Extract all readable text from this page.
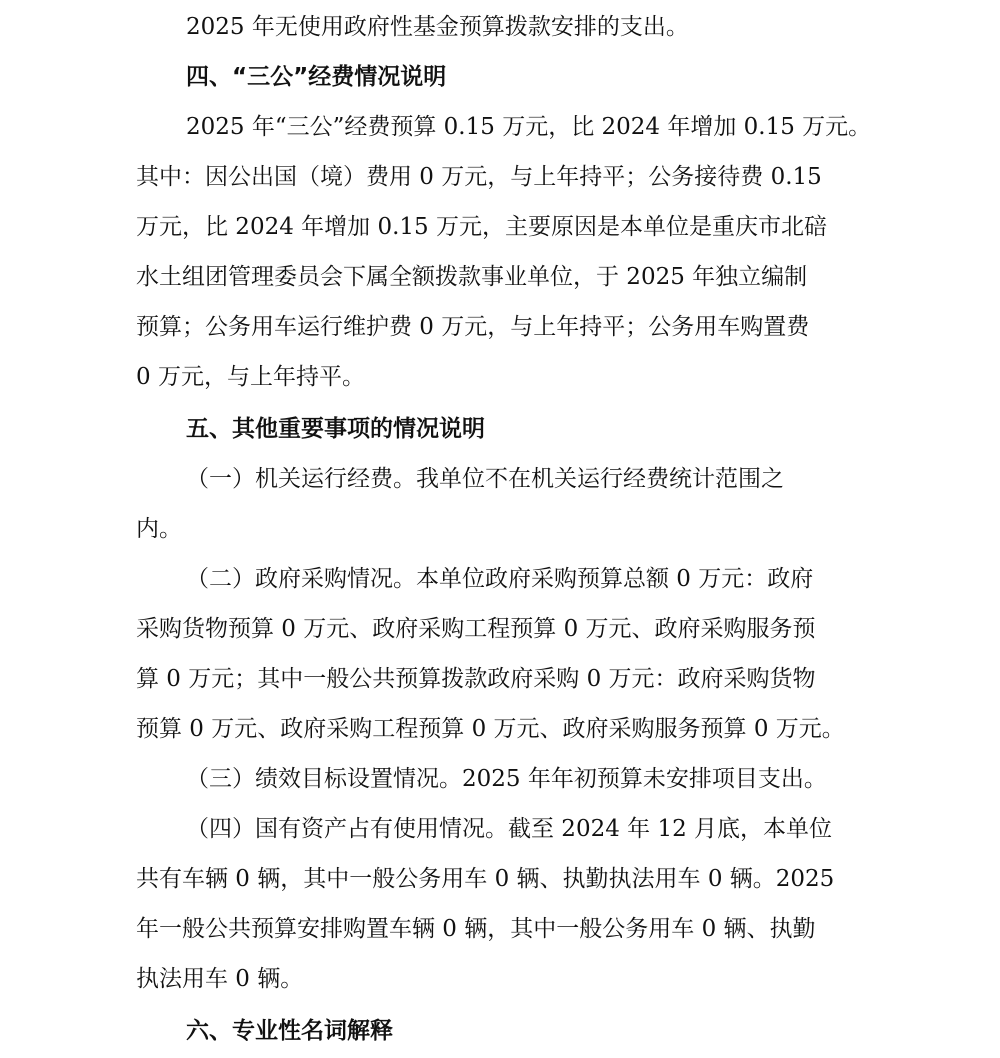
2025 年无使用政府性基金预算拨款安排的支出。
四、“三公”经费情况说明
2025 年“三公”经费预算 0.15 万元，比 2024 年增加 0.15 万元。
其中：因公出国（境）费用 0 万元，与上年持平；公务接待费 0.15
万元，比 2024 年增加 0.15 万元，主要原因是本单位是重庆市北碚
水土组团管理委员会下属全额拨款事业单位，于 2025 年独立编制
预算；公务用车运行维护费 0 万元，与上年持平；公务用车购置费
0 万元，与上年持平。
五、其他重要事项的情况说明
（一）机关运行经费。我单位不在机关运行经费统计范围之
内。
（二）政府采购情况。本单位政府采购预算总额 0 万元：政府
采购货物预算 0 万元、政府采购工程预算 0 万元、政府采购服务预
算 0 万元；其中一般公共预算拨款政府采购 0 万元：政府采购货物
预算 0 万元、政府采购工程预算 0 万元、政府采购服务预算 0 万元。
（三）绩效目标设置情况。2025 年年初预算未安排项目支出。
（四）国有资产占有使用情况。截至 2024 年 12 月底，本单位
共有车辆 0 辆，其中一般公务用车 0 辆、执勤执法用车 0 辆。2025
年一般公共预算安排购置车辆 0 辆，其中一般公务用车 0 辆、执勤
执法用车 0 辆。
六、专业性名词解释
